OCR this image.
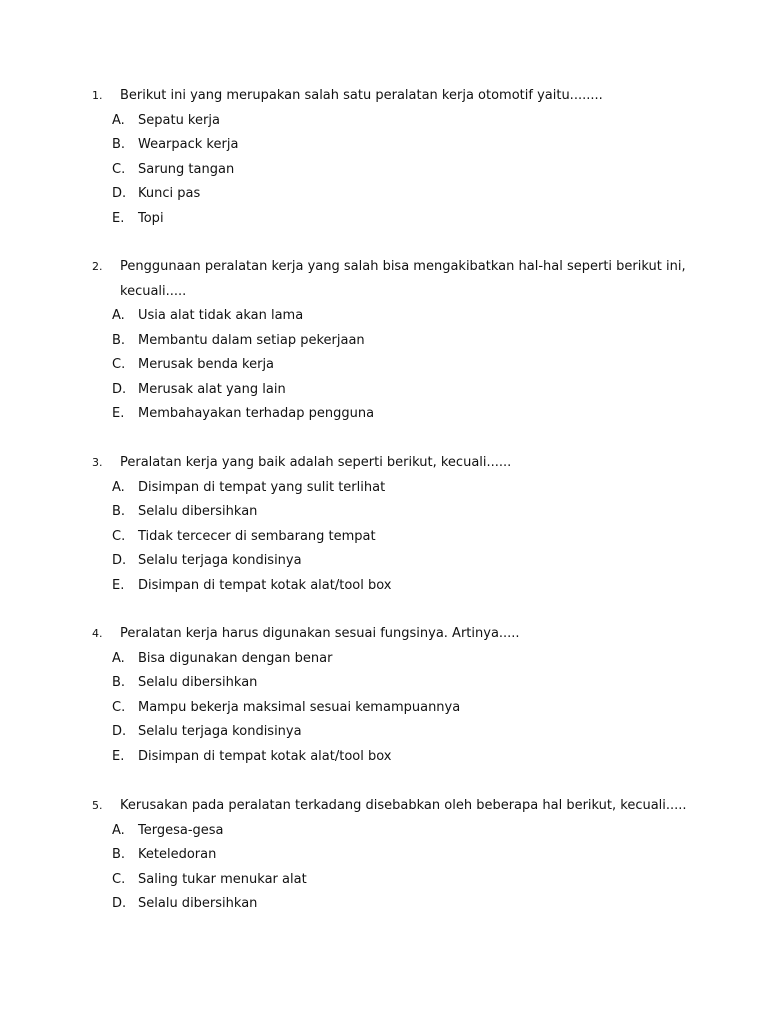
1. Berikut ini yang merupakan salah satu peralatan kerja otomotif yaitu........
A. Sepatu kerja
B. Wearpack kerja
C. Sarung tangan
D. Kunci pas
E. Topi
2. Penggunaan peralatan kerja yang salah bisa mengakibatkan hal-hal seperti berikut ini,
kecuali.....
A. Usia alat tidak akan lama
B. Membantu dalam setiap pekerjaan
C. Merusak benda kerja
D. Merusak alat yang lain
E. Membahayakan terhadap pengguna
3. Peralatan kerja yang baik adalah seperti berikut, kecuali......
A. Disimpan di tempat yang sulit terlihat
B. Selalu dibersihkan
C. Tidak tercecer di sembarang tempat
D. Selalu terjaga kondisinya
E. Disimpan di tempat kotak alat/tool box
4. Peralatan kerja harus digunakan sesuai fungsinya. Artinya.....
A. Bisa digunakan dengan benar
B. Selalu dibersihkan
C. Mampu bekerja maksimal sesuai kemampuannya
D. Selalu terjaga kondisinya
E. Disimpan di tempat kotak alat/tool box
5. Kerusakan pada peralatan terkadang disebabkan oleh beberapa hal berikut, kecuali.....
A. Tergesa-gesa
B. Keteledoran
C. Saling tukar menukar alat
D. Selalu dibersihkan
